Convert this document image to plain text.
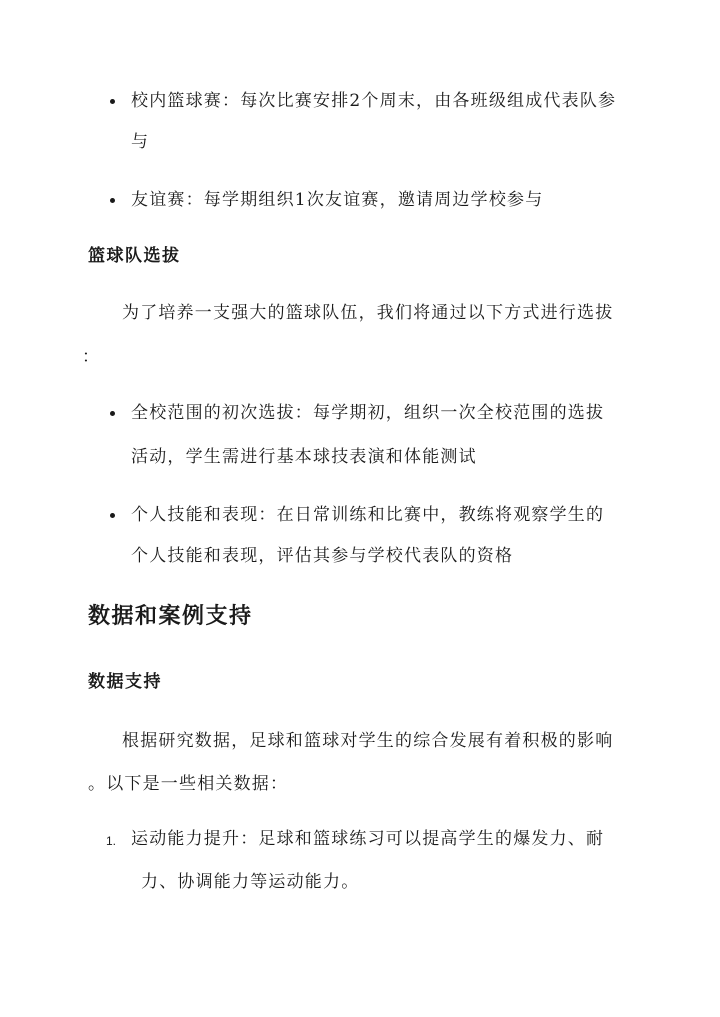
校内篮球赛：每次比赛安排2个周末，由各班级组成代表队参
与
友谊赛：每学期组织1次友谊赛，邀请周边学校参与
篮球队选拔
为了培养一支强大的篮球队伍，我们将通过以下方式进行选拔
：
全校范围的初次选拔：每学期初，组织一次全校范围的选拔
活动，学生需进行基本球技表演和体能测试
个人技能和表现：在日常训练和比赛中，教练将观察学生的
个人技能和表现，评估其参与学校代表队的资格
数据和案例支持
数据支持
根据研究数据，足球和篮球对学生的综合发展有着积极的影响
。以下是一些相关数据：
1. 运动能力提升：足球和篮球练习可以提高学生的爆发力、耐
力、协调能力等运动能力。
